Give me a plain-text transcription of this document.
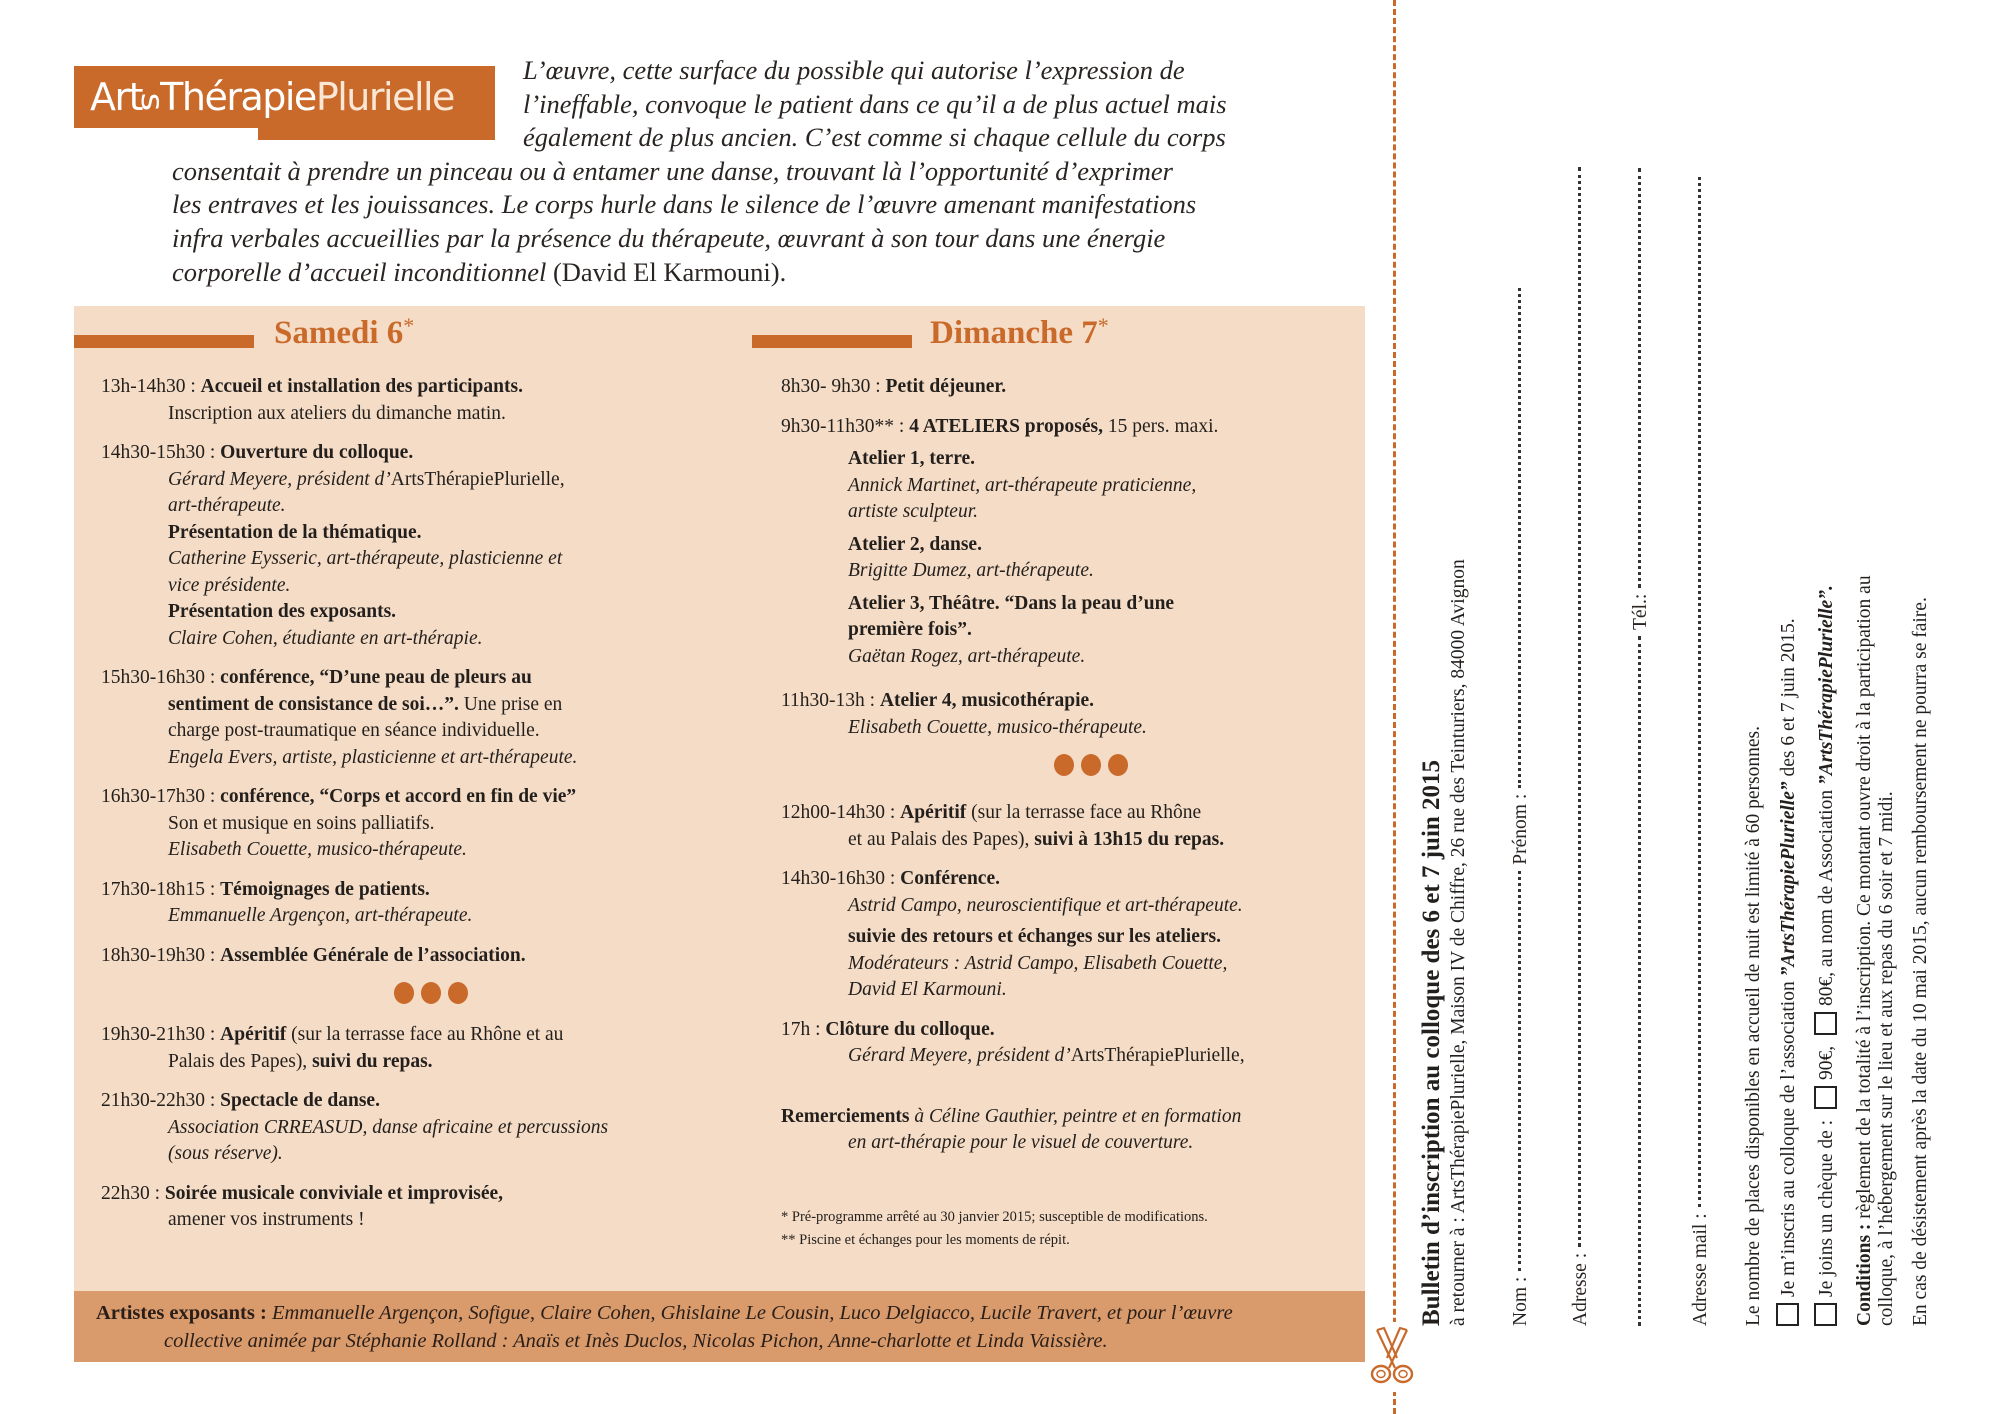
ArtsThérapiePlurielle
L’œuvre, cette surface du possible qui autorise l’expression de
l’ineffable, convoque le patient dans ce qu’il a de plus actuel mais
également de plus ancien. C’est comme si chaque cellule du corps
consentait à prendre un pinceau ou à entamer une danse, trouvant là l’opportunité d’exprimer
les entraves et les jouissances. Le corps hurle dans le silence de l’œuvre amenant manifestations
infra verbales accueillies par la présence du thérapeute, œuvrant à son tour dans une énergie
corporelle d’accueil inconditionnel (David El Karmouni).
Samedi 6*	Dimanche 7*
13h-14h30 : Accueil et installation des participants.
Inscription aux ateliers du dimanche matin.
14h30-15h30 : Ouverture du colloque.
Gérard Meyere, président d’ArtsThérapiePlurielle,
art-thérapeute.
Présentation de la thématique.
Catherine Eysseric, art-thérapeute, plasticienne et
vice présidente.
Présentation des exposants.
Claire Cohen, étudiante en art-thérapie.
15h30-16h30 : conférence, “D’une peau de pleurs au
sentiment de consistance de soi…”. Une prise en
charge post-traumatique en séance individuelle.
Engela Evers, artiste, plasticienne et art-thérapeute.
16h30-17h30 : conférence, “Corps et accord en fin de vie”
Son et musique en soins palliatifs.
Elisabeth Couette, musico-thérapeute.
17h30-18h15 : Témoignages de patients.
Emmanuelle Argençon, art-thérapeute.
18h30-19h30 : Assemblée Générale de l’association.
19h30-21h30 : Apéritif (sur la terrasse face au Rhône et au
Palais des Papes), suivi du repas.
21h30-22h30 : Spectacle de danse.
Association CRREASUD, danse africaine et percussions
(sous réserve).
22h30 : Soirée musicale conviviale et improvisée,
amener vos instruments !
8h30- 9h30 : Petit déjeuner.
9h30-11h30** : 4 ATELIERS proposés, 15 pers. maxi.
Atelier 1, terre.
Annick Martinet, art-thérapeute praticienne,
artiste sculpteur.
Atelier 2, danse.
Brigitte Dumez, art-thérapeute.
Atelier 3, Théâtre. “Dans la peau d’une
première fois”.
Gaëtan Rogez, art-thérapeute.
11h30-13h : Atelier 4, musicothérapie.
Elisabeth Couette, musico-thérapeute.
12h00-14h30 : Apéritif (sur la terrasse face au Rhône
et au Palais des Papes), suivi à 13h15 du repas.
14h30-16h30 : Conférence.
Astrid Campo, neuroscientifique et art-thérapeute.
suivie des retours et échanges sur les ateliers.
Modérateurs : Astrid Campo, Elisabeth Couette,
David El Karmouni.
17h : Clôture du colloque.
Gérard Meyere, président d’ArtsThérapiePlurielle,
Remerciements à Céline Gauthier, peintre et en formation
en art-thérapie pour le visuel de couverture.
* Pré-programme arrêté au 30 janvier 2015; susceptible de modifications.
** Piscine et échanges pour les moments de répit.
Artistes exposants : Emmanuelle Argençon, Sofigue, Claire Cohen, Ghislaine Le Cousin, Luco Delgiacco, Lucile Travert, et pour l’œuvre
collective animée par Stéphanie Rolland : Anaïs et Inès Duclos, Nicolas Pichon, Anne-charlotte et Linda Vaissière.
Bulletin d’inscription au colloque des 6 et 7 juin 2015 à retourner à : ArtsThérapiePlurielle, Maison IV de Chiffre, 26 rue des Teinturiers, 84000 Avignon Nom :Prénom :
Adresse :
Tél.:
Adresse mail : Le nombre de places disponibles en accueil de nuit est limité à 60 personnes. Je m’inscris au colloque de l’association ”ArtsThérapiePlurielle” des 6 et 7 juin 2015.
Je joins un chèque de : 90€, 80€, au nom de Association ”ArtsThérapiePlurielle”.
Conditions : règlement de la totalité à l’inscription. Ce montant ouvre droit à la participation au
colloque, à l’hébergement sur le lieu et aux repas du 6 soir et 7 midi. En cas de désistement après la date du 10 mai 2015, aucun remboursement ne pourra se faire.
